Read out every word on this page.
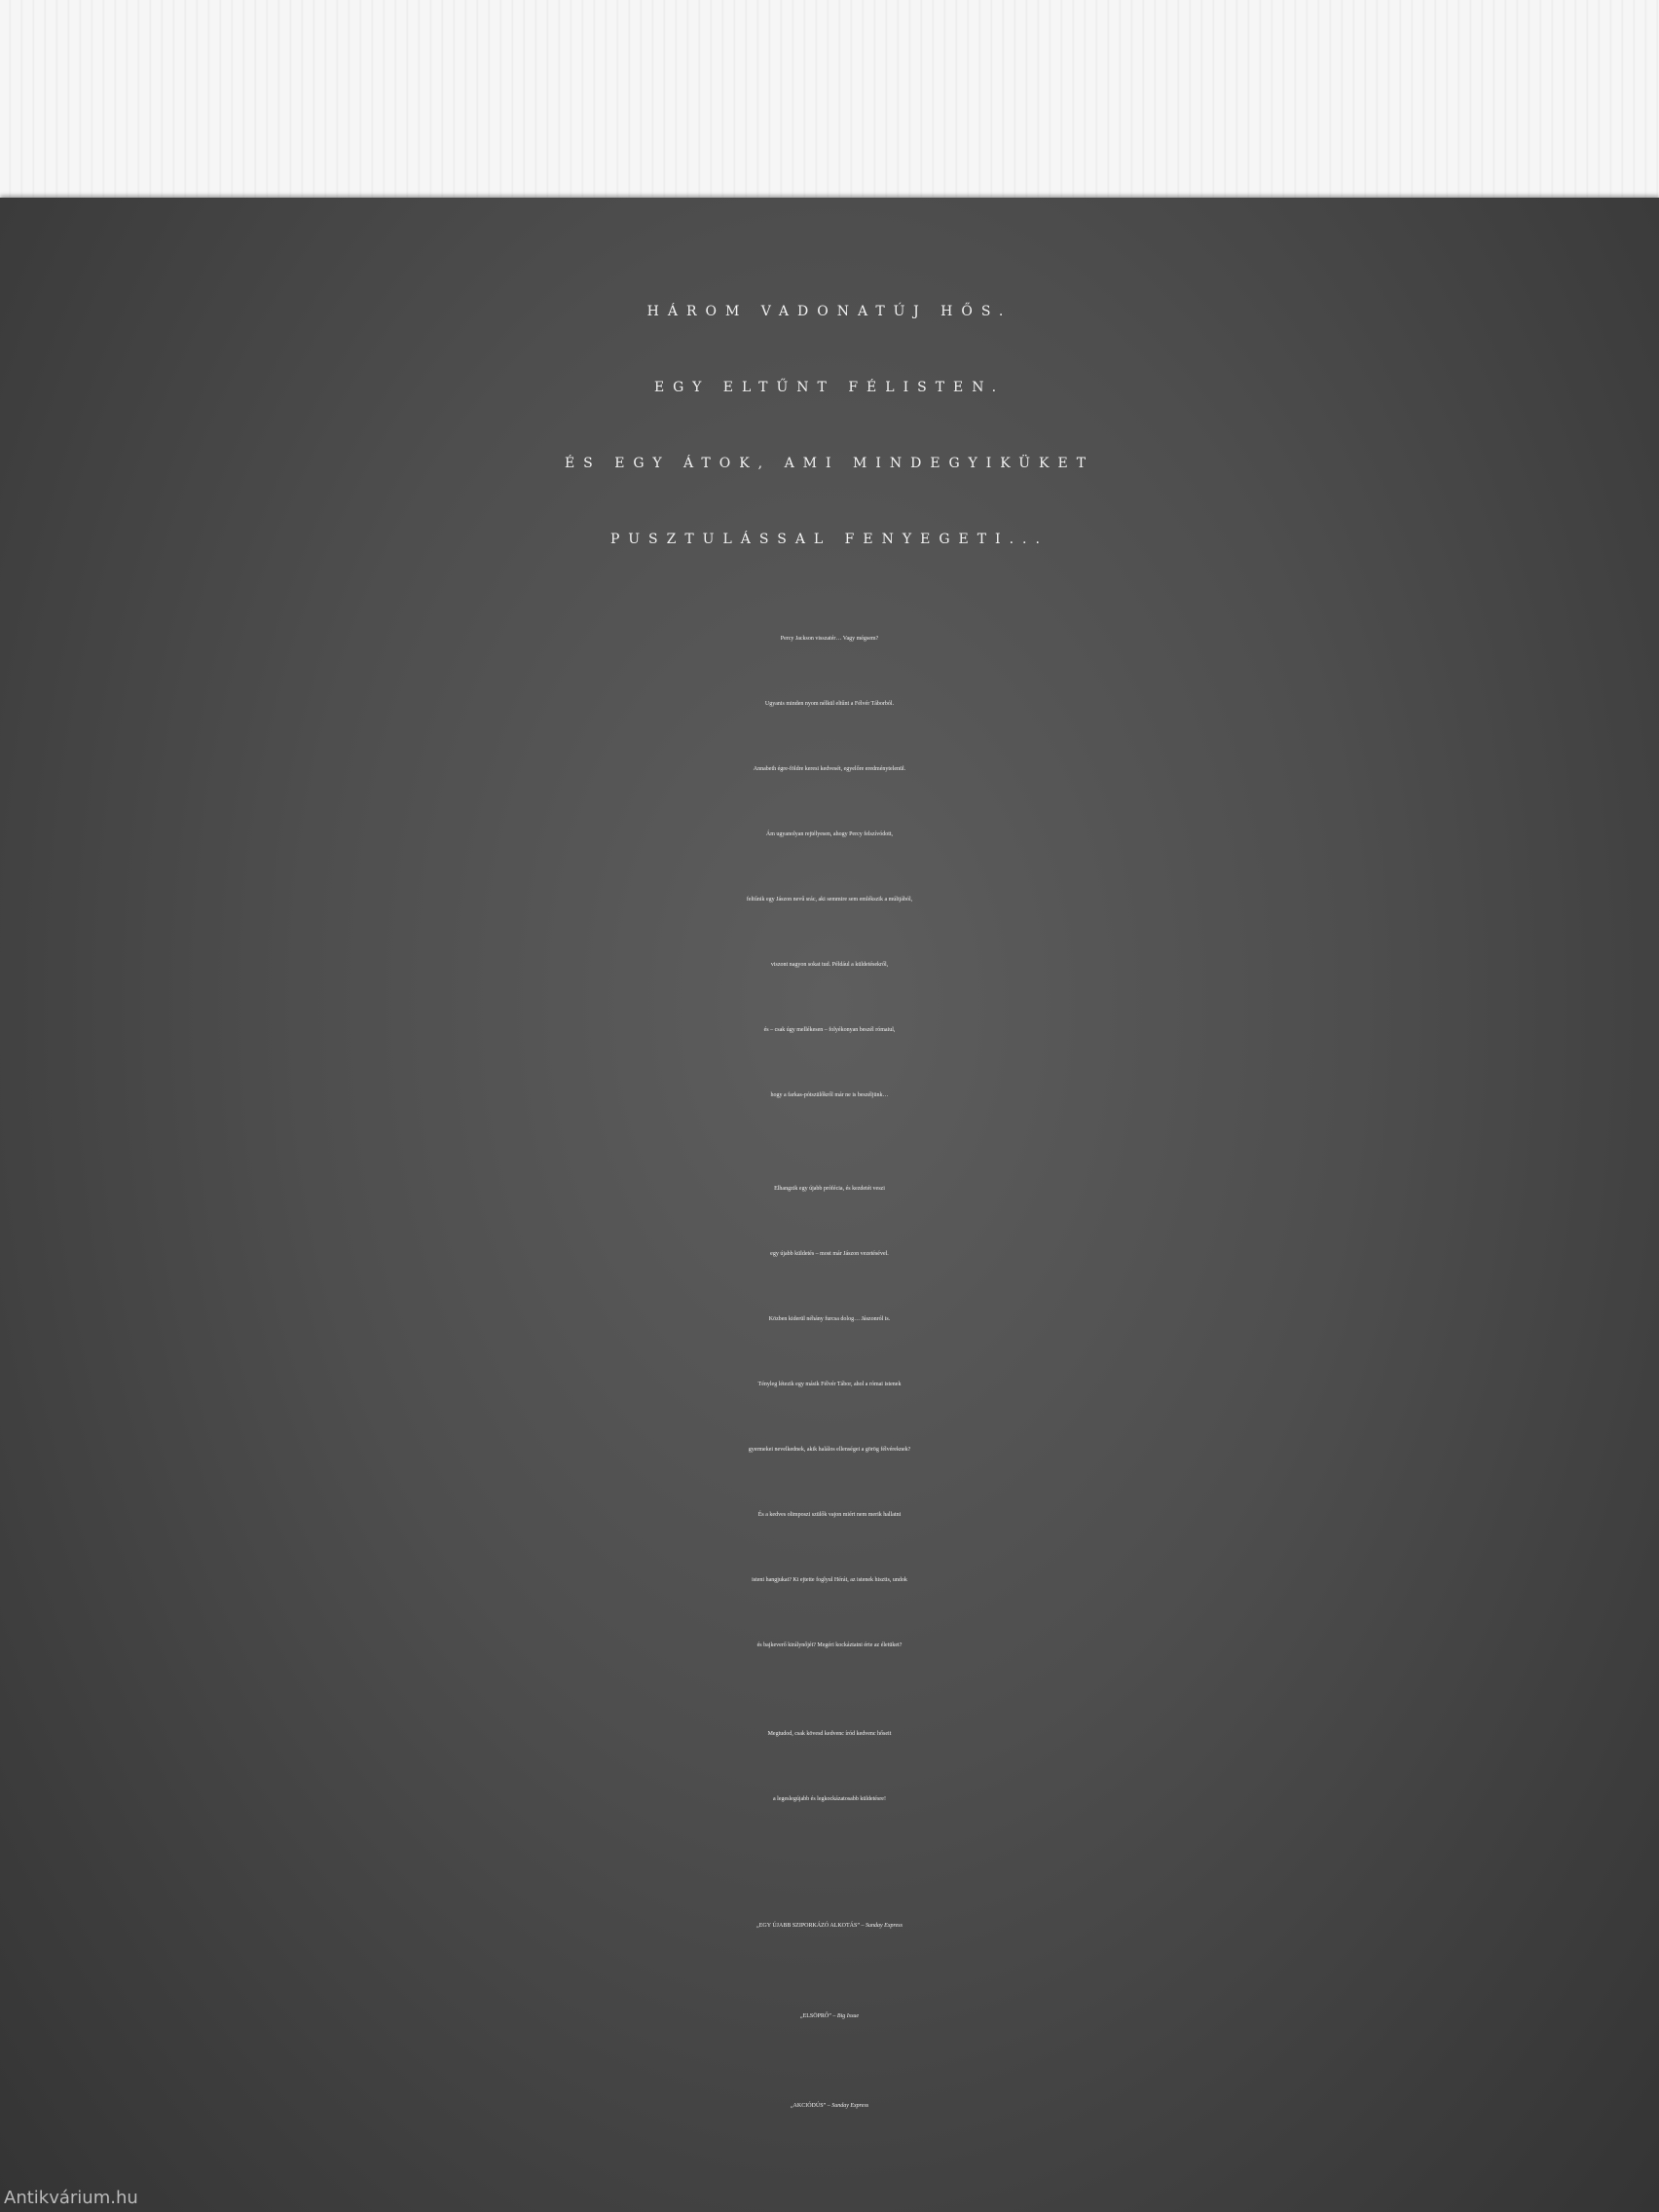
HÁROM VADONATÚJ HŐS.
EGY ELTŰNT FÉLISTEN.
ÉS EGY ÁTOK, AMI MINDEGYIKÜKET
PUSZTULÁSSAL FENYEGETI...
Percy Jackson visszatér… Vagy mégsem?
Ugyanis minden nyom nélkül eltűnt a Félvér Táborból.
Annabeth égre-földre keresi kedvesét, egyelőre eredménytelenül.
Ám ugyanolyan rejtélyesen, ahogy Percy felszívódott,
feltűnik egy Jászon nevű srác, aki semmire sem emlékszik a múltjából,
viszont nagyon sokat tud. Például a küldetésekről,
és – csak úgy mellékesen – folyékonyan beszél rómaiul,
hogy a farkas-pótszülőkről már ne is beszéljünk…
Elhangzik egy újabb prófécia, és kezdetét veszi
egy újabb küldetés – most már Jászon vezetésével.
Közben kiderül néhány furcsa dolog… Jászonról is.
Tényleg létezik egy másik Félvér Tábor, ahol a római istenek
gyermekei nevelkednek, akik halálos ellenségei a görög félvéreknek?
És a kedves olimposzi szülők vajon miért nem merik hallatni
isteni hangjukat? Ki ejtette foglyul Hérát, az istenek hisztis, undok
és bajkeverő királynőjét? Megéri kockáztatni érte az életüket?
Megtudod, csak kövesd kedvenc íród kedvenc hőseit
a legeslegújabb és legkockázatosabb küldetésre!
„EGY ÚJABB SZIPORKÁZÓ ALKOTÁS” – Sunday Express
„ELSÖPRŐ” – Big Issue
„AKCIÓDÚS” – Sunday Express
Antikvárium.hu
